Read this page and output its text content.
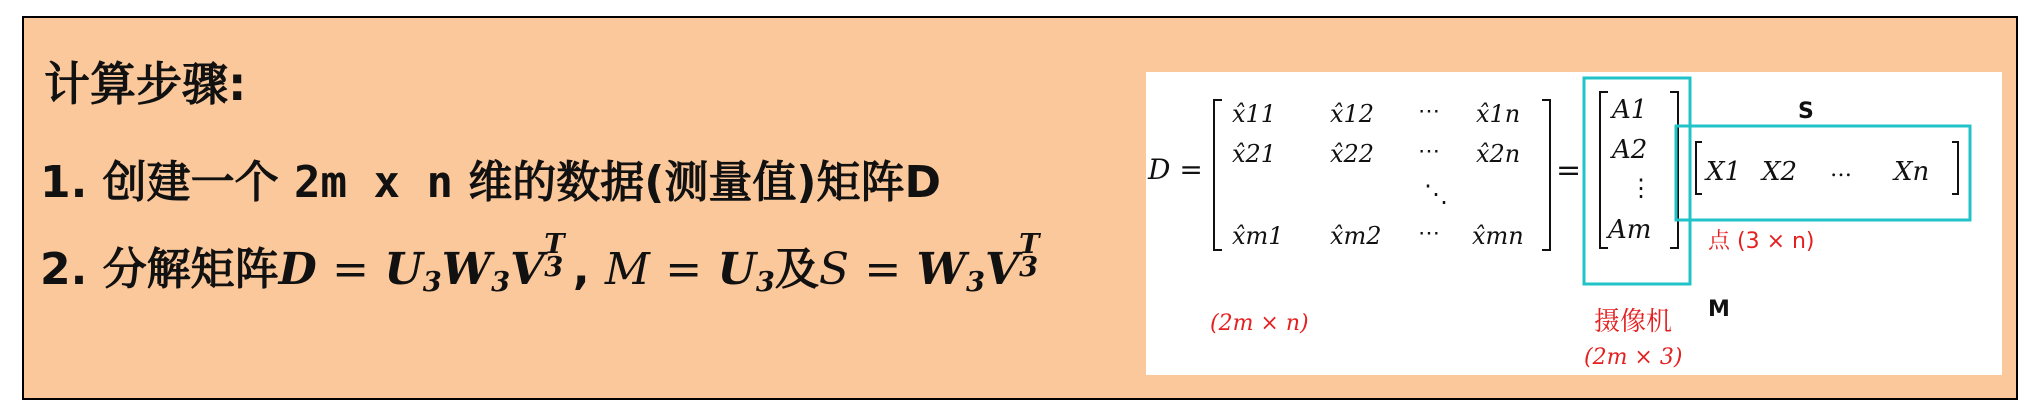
计算步骤:
1. 创建一个 2m x n 维的数据(测量值)矩阵D
2. 分解矩阵$D = U_3W_3V$
T
3 , $M = U_3$及$S = W_3V$
T
3
D =
x̂11 x̂12 ⋯ x̂1n
x̂21 x̂22 ⋯ x̂2n
⋱
x̂m1 x̂m2 ⋯ x̂mn
=
A1
A2
⋮
Am
X1 X2 … Xn
S
点 (3 × n)
M
(2m × n)	摄像机
(2m × 3)
